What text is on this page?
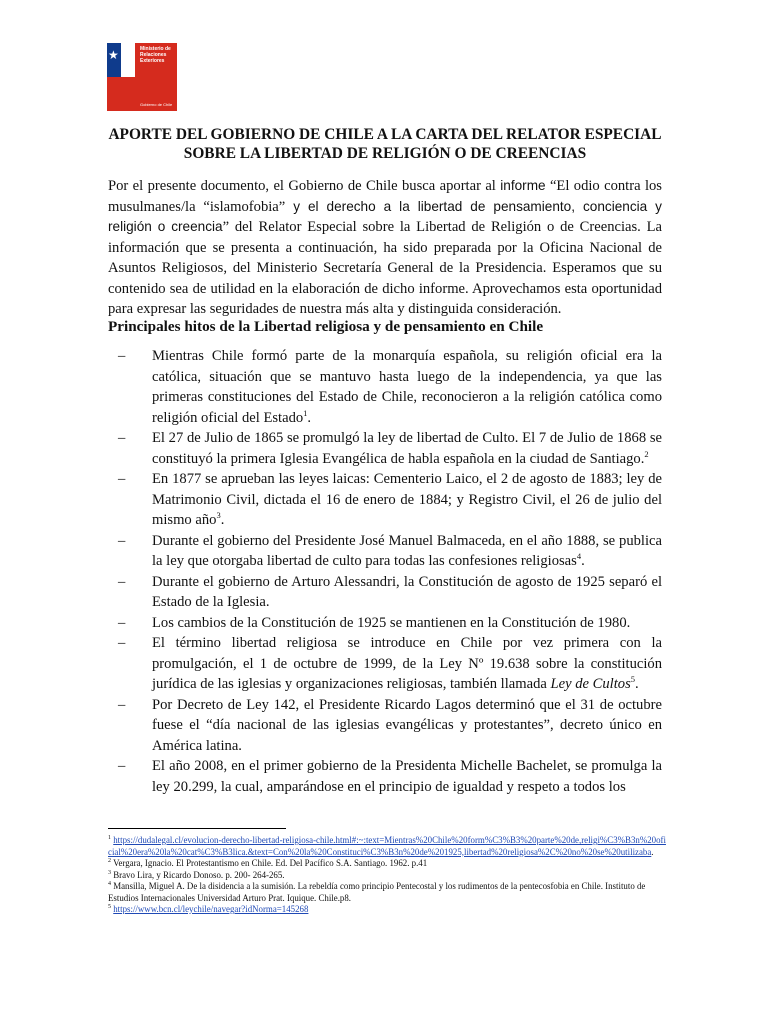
★	Ministerio de Relaciones Exteriores
Gobierno de Chile
APORTE DEL GOBIERNO DE CHILE A LA CARTA DEL RELATOR ESPECIAL
SOBRE LA LIBERTAD DE RELIGIÓN O DE CREENCIAS

Por el presente documento, el Gobierno de Chile busca aportar al informe “El odio contra los musulmanes/la “islamofobia” y el derecho a la libertad de pensamiento, conciencia y religión o creencia” del Relator Especial sobre la Libertad de Religión o de Creencias. La información que se presenta a continuación, ha sido preparada por la Oficina Nacional de Asuntos Religiosos, del Ministerio Secretaría General de la Presidencia. Esperamos que su contenido sea de utilidad en la elaboración de dicho informe. Aprovechamos esta oportunidad para expresar las seguridades de nuestra más alta y distinguida consideración.

Principales hitos de la Libertad religiosa y de pensamiento en Chile
– Mientras Chile formó parte de la monarquía española, su religión oficial era la católica, situación que se mantuvo hasta luego de la independencia, ya que las primeras constituciones del Estado de Chile, reconocieron a la religión católica como religión oficial del Estado$^1$.
– El 27 de Julio de 1865 se promulgó la ley de libertad de Culto. El 7 de Julio de 1868 se constituyó la primera Iglesia Evangélica de habla española en la ciudad de Santiago.$^2$
– En 1877 se aprueban las leyes laicas: Cementerio Laico, el 2 de agosto de 1883; ley de Matrimonio Civil, dictada el 16 de enero de 1884; y Registro Civil, el 26 de julio del mismo año$^3$.
– Durante el gobierno del Presidente José Manuel Balmaceda, en el año 1888, se publica la ley que otorgaba libertad de culto para todas las confesiones religiosas$^4$.
– Durante el gobierno de Arturo Alessandri, la Constitución de agosto de 1925 separó el Estado de la Iglesia.
– Los cambios de la Constitución de 1925 se mantienen en la Constitución de 1980.
– El término libertad religiosa se introduce en Chile por vez primera con la promulgación, el 1 de octubre de 1999, de la Ley Nº 19.638 sobre la constitución jurídica de las iglesias y organizaciones religiosas, también llamada Ley de Cultos$^5$.
– Por Decreto de Ley 142, el Presidente Ricardo Lagos determinó que el 31 de octubre fuese el “día nacional de las iglesias evangélicas y protestantes”, decreto único en América latina.
– El año 2008, en el primer gobierno de la Presidenta Michelle Bachelet, se promulga la ley 20.299, la cual, amparándose en el principio de igualdad y respeto a todos los

$^1$ https://dudalegal.cl/evolucion-derecho-libertad-religiosa-chile.html#:~:text=Mientras%20Chile%20form%C3%B3%20parte%20de,religi%C3%B3n%20oficial%20era%20la%20cat%C3%B3lica.&text=Con%20la%20Constituci%C3%B3n%20de%201925,libertad%20religiosa%2C%20no%20se%20utilizaba.

$^2$ Vergara, Ignacio. El Protestantismo en Chile. Ed. Del Pacífico S.A. Santiago. 1962. p.41

$^3$ Bravo Lira, y Ricardo Donoso. p. 200- 264-265.

$^4$ Mansilla, Miguel A. De la disidencia a la sumisión. La rebeldía como principio Pentecostal y los rudimentos de la pentecosfobia en Chile. Instituto de Estudios Internacionales Universidad Arturo Prat. Iquique. Chile.p8.

$^5$ https://www.bcn.cl/leychile/navegar?idNorma=145268
